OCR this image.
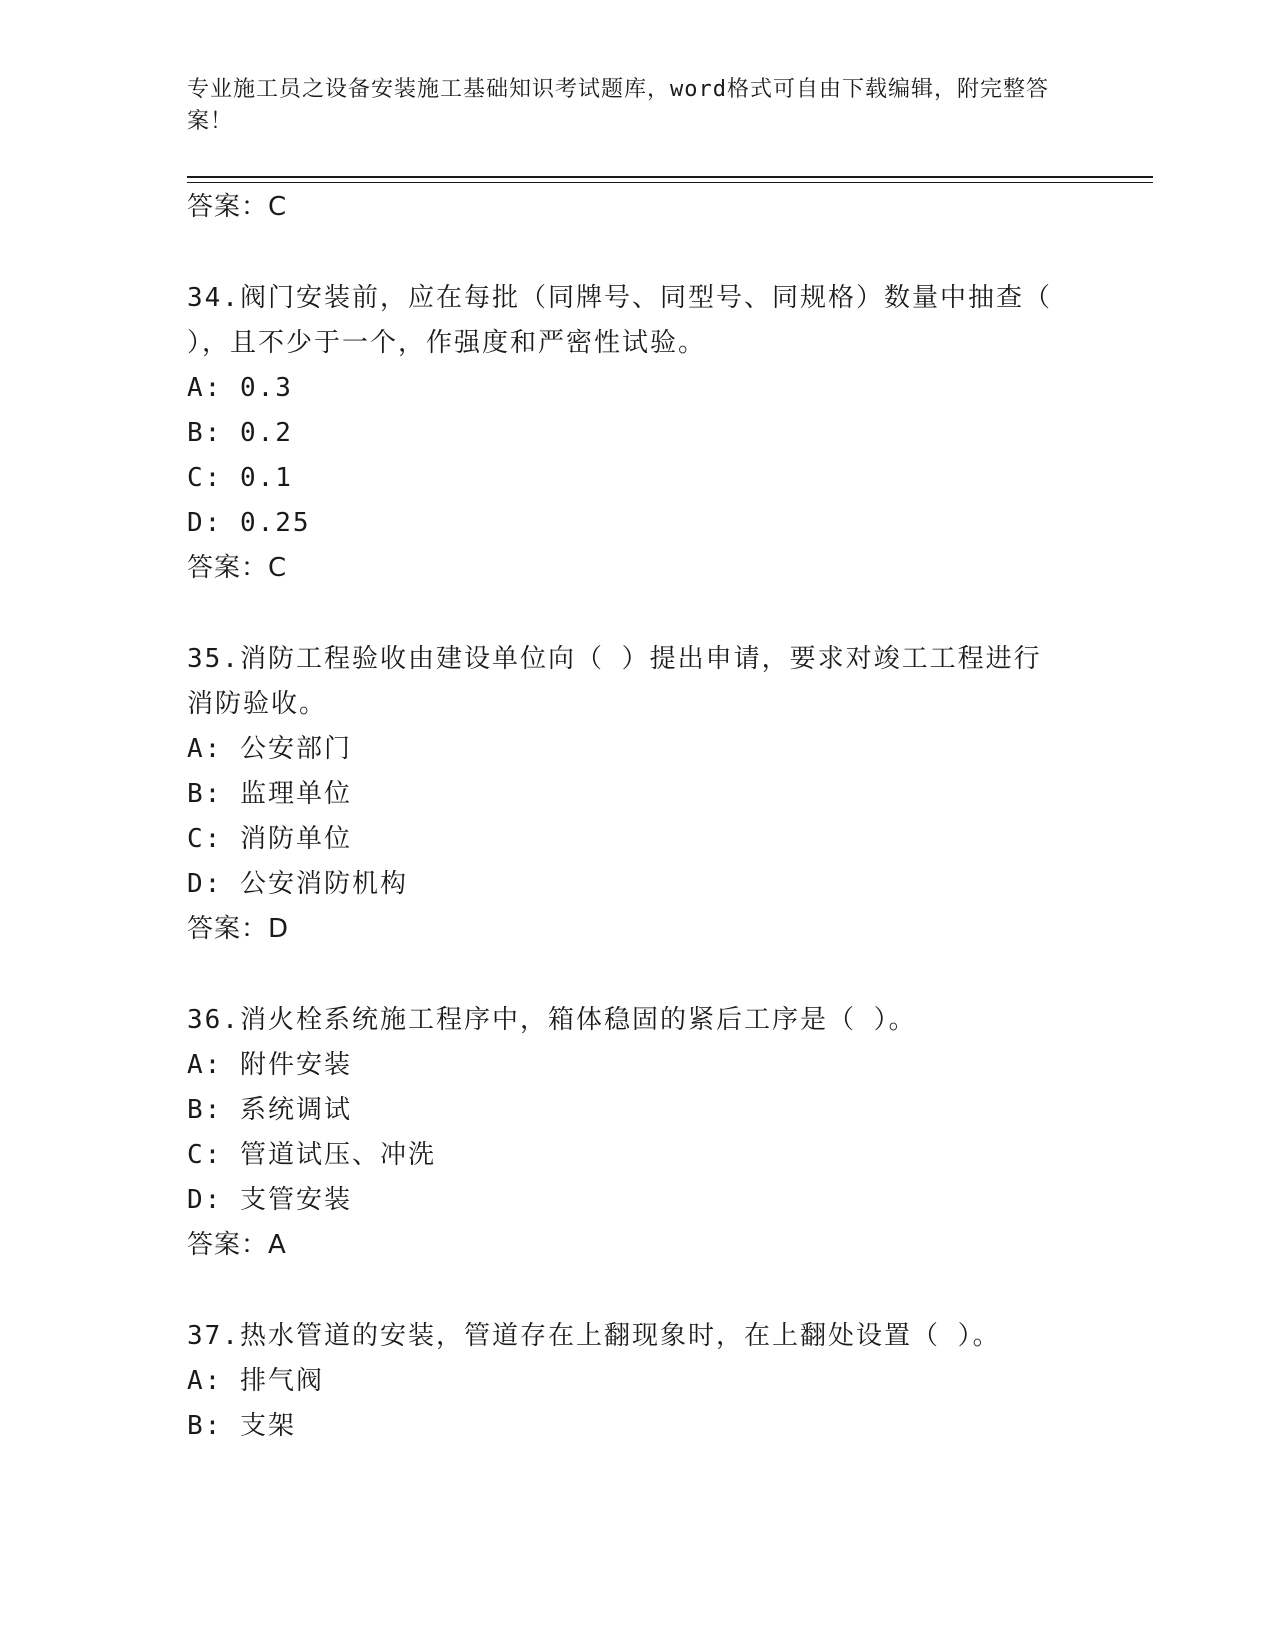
专业施工员之设备安装施工基础知识考试题库，word格式可自由下载编辑，附完整答案！
答案：C
34.阀门安装前，应在每批（同牌号、同型号、同规格）数量中抽查（
），且不少于一个，作强度和严密性试验。
A: 0.3
B: 0.2
C: 0.1
D: 0.25
答案：C
35.消防工程验收由建设单位向（ ）提出申请，要求对竣工工程进行
消防验收。
A: 公安部门
B: 监理单位
C: 消防单位
D: 公安消防机构
答案：D
36.消火栓系统施工程序中，箱体稳固的紧后工序是（ ）。
A: 附件安装
B: 系统调试
C: 管道试压、冲洗
D: 支管安装
答案：A
37.热水管道的安装，管道存在上翻现象时，在上翻处设置（ ）。
A: 排气阀
B: 支架
